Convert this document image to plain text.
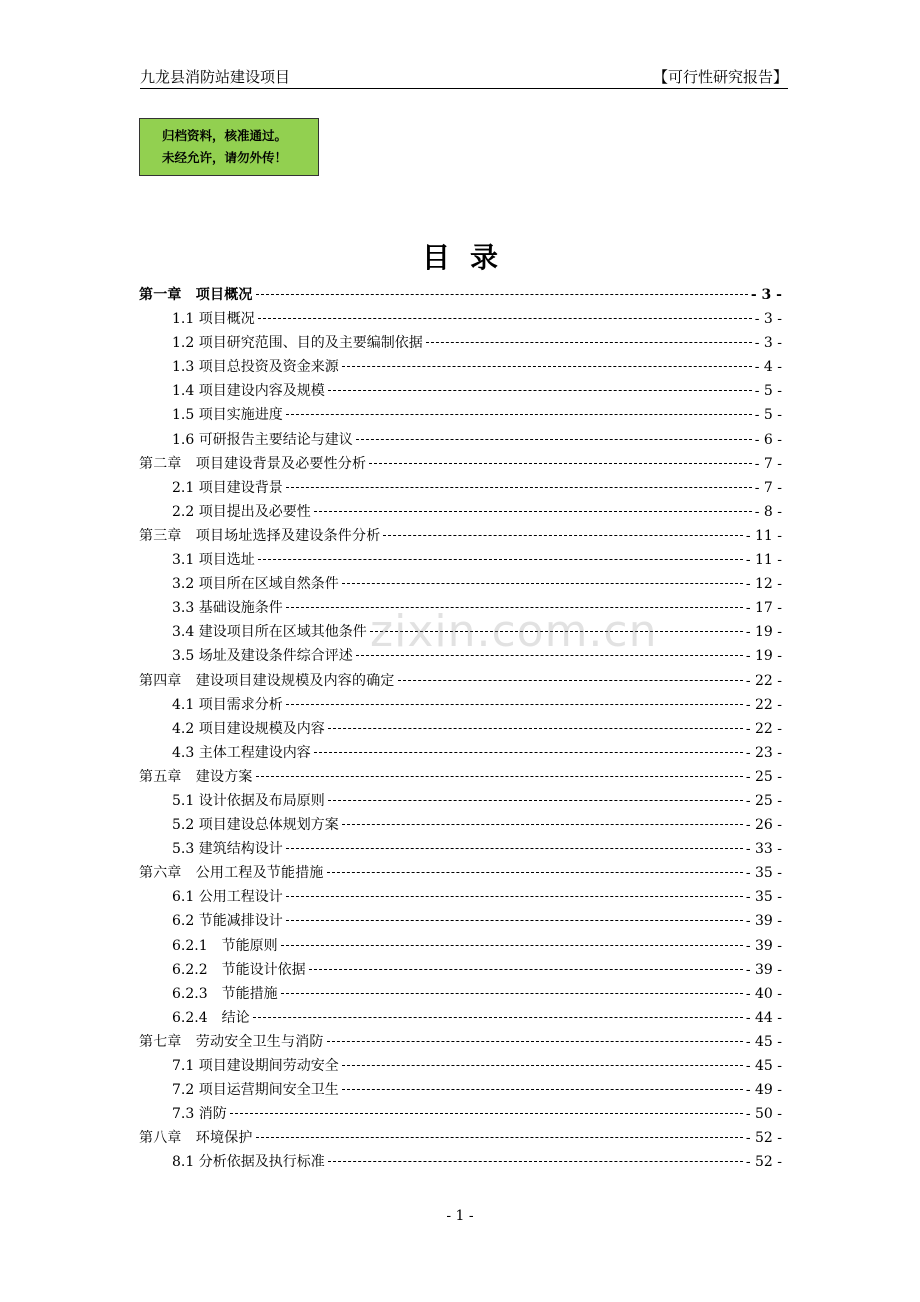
九龙县消防站建设项目	【可行性研究报告】
归档资料，核准通过。
未经允许，请勿外传！
目录
第一章　项目概况	- 3 -
1.1 项目概况	- 3 -
1.2 项目研究范围、目的及主要编制依据	- 3 -
1.3 项目总投资及资金来源	- 4 -
1.4 项目建设内容及规模	- 5 -
1.5 项目实施进度	- 5 -
1.6 可研报告主要结论与建议	- 6 -
第二章　项目建设背景及必要性分析	- 7 -
2.1 项目建设背景	- 7 -
2.2 项目提出及必要性	- 8 -
第三章　项目场址选择及建设条件分析	- 11 -
3.1 项目选址	- 11 -
3.2 项目所在区域自然条件	- 12 -
3.3 基础设施条件	- 17 -
3.4 建设项目所在区域其他条件	- 19 -
3.5 场址及建设条件综合评述	- 19 -
第四章　建设项目建设规模及内容的确定	- 22 -
4.1 项目需求分析	- 22 -
4.2 项目建设规模及内容	- 22 -
4.3 主体工程建设内容	- 23 -
第五章　建设方案	- 25 -
5.1 设计依据及布局原则	- 25 -
5.2 项目建设总体规划方案	- 26 -
5.3 建筑结构设计	- 33 -
第六章　公用工程及节能措施	- 35 -
6.1 公用工程设计	- 35 -
6.2 节能减排设计	- 39 -
6.2.1　节能原则	- 39 -
6.2.2　节能设计依据	- 39 -
6.2.3　节能措施	- 40 -
6.2.4　结论	- 44 -
第七章　劳动安全卫生与消防	- 45 -
7.1 项目建设期间劳动安全	- 45 -
7.2 项目运营期间安全卫生	- 49 -
7.3 消防	- 50 -
第八章　环境保护	- 52 -
8.1 分析依据及执行标准	- 52 -
zixin.com.cn
- 1 -
